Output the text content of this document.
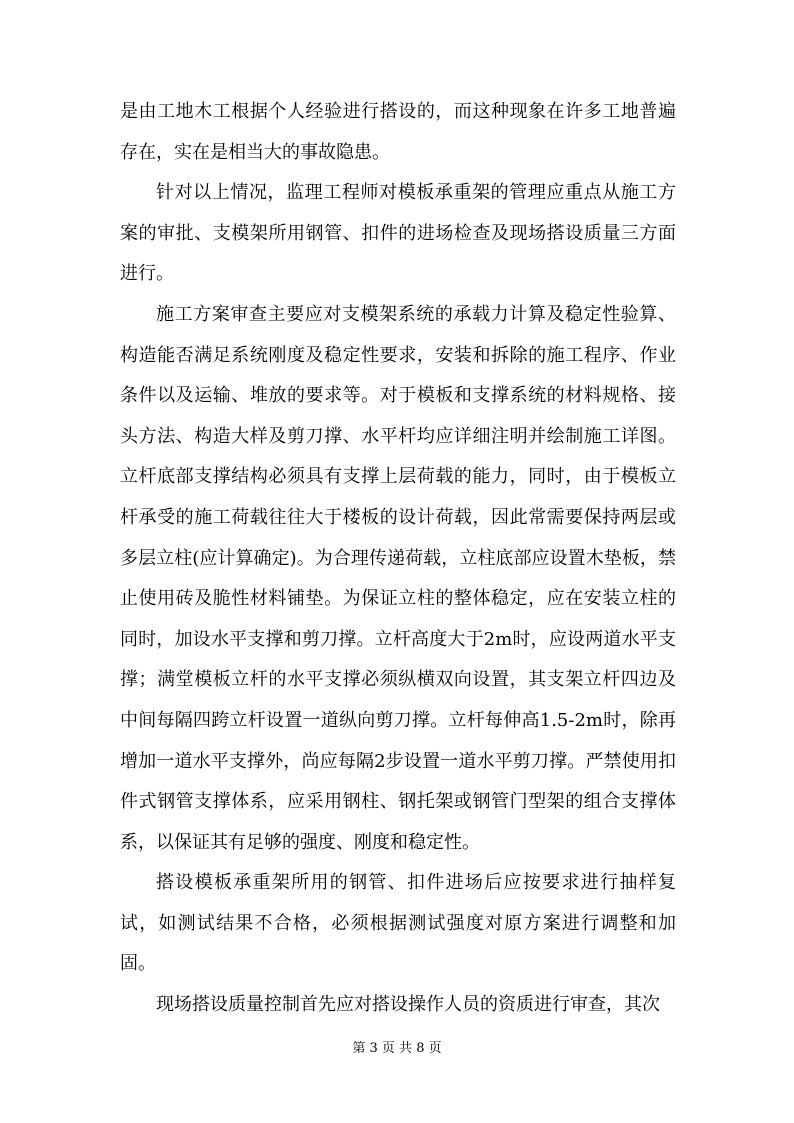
是由工地木工根据个人经验进行搭设的，而这种现象在许多工地普遍存在，实在是相当大的事故隐患。

针对以上情况，监理工程师对模板承重架的管理应重点从施工方案的审批、支模架所用钢管、扣件的进场检查及现场搭设质量三方面进行。

施工方案审查主要应对支模架系统的承载力计算及稳定性验算、构造能否满足系统刚度及稳定性要求，安装和拆除的施工程序、作业条件以及运输、堆放的要求等。对于模板和支撑系统的材料规格、接头方法、构造大样及剪刀撑、水平杆均应详细注明并绘制施工详图。立杆底部支撑结构必须具有支撑上层荷载的能力，同时，由于模板立杆承受的施工荷载往往大于楼板的设计荷载，因此常需要保持两层或多层立柱(应计算确定)。为合理传递荷载，立柱底部应设置木垫板，禁止使用砖及脆性材料铺垫。为保证立柱的整体稳定，应在安装立柱的同时，加设水平支撑和剪刀撑。立杆高度大于2m时，应设两道水平支撑；满堂模板立杆的水平支撑必须纵横双向设置，其支架立杆四边及中间每隔四跨立杆设置一道纵向剪刀撑。立杆每伸高1.5-2m时，除再增加一道水平支撑外，尚应每隔2步设置一道水平剪刀撑。严禁使用扣件式钢管支撑体系，应采用钢柱、钢托架或钢管门型架的组合支撑体系，以保证其有足够的强度、刚度和稳定性。

搭设模板承重架所用的钢管、扣件进场后应按要求进行抽样复试，如测试结果不合格，必须根据测试强度对原方案进行调整和加固。

现场搭设质量控制首先应对搭设操作人员的资质进行审查，其次

第 3 页 共 8 页
